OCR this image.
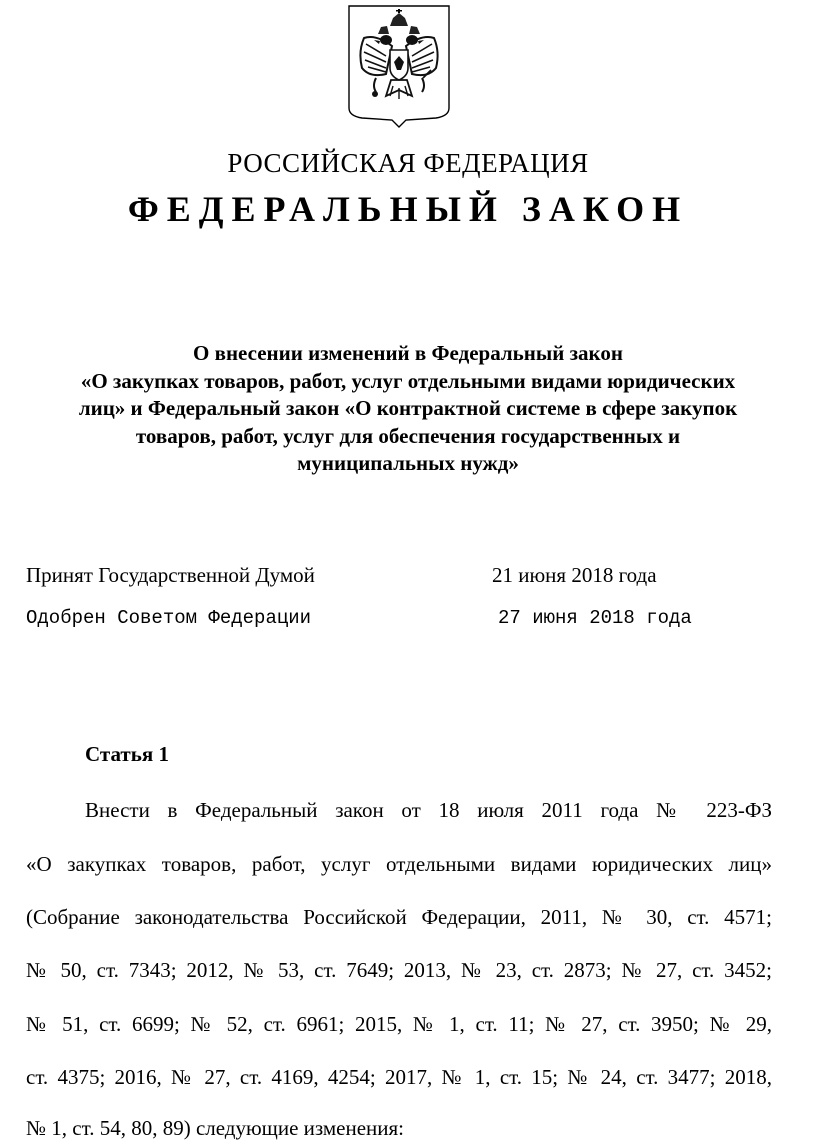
РОССИЙСКАЯ ФЕДЕРАЦИЯ
ФЕДЕРАЛЬНЫЙ ЗАКОН
О внесении изменений в Федеральный закон
«О закупках товаров, работ, услуг отдельными видами юридических
лиц» и Федеральный закон «О контрактной системе в сфере закупок
товаров, работ, услуг для обеспечения государственных и
муниципальных нужд»
Принят Государственной Думой	21 июня 2018 года
Одобрен Советом Федерации	27 июня 2018 года
Статья 1
Внести в Федеральный закон от 18 июля 2011 года № 223-ФЗ
«О закупках товаров, работ, услуг отдельными видами юридических лиц»
(Собрание законодательства Российской Федерации, 2011, № 30, ст. 4571;
№ 50, ст. 7343; 2012, № 53, ст. 7649; 2013, № 23, ст. 2873; № 27, ст. 3452;
№ 51, ст. 6699; № 52, ст. 6961; 2015, № 1, ст. 11; № 27, ст. 3950; № 29,
ст. 4375; 2016, № 27, ст. 4169, 4254; 2017, № 1, ст. 15; № 24, ст. 3477; 2018,
№ 1, ст. 54, 80, 89) следующие изменения:
